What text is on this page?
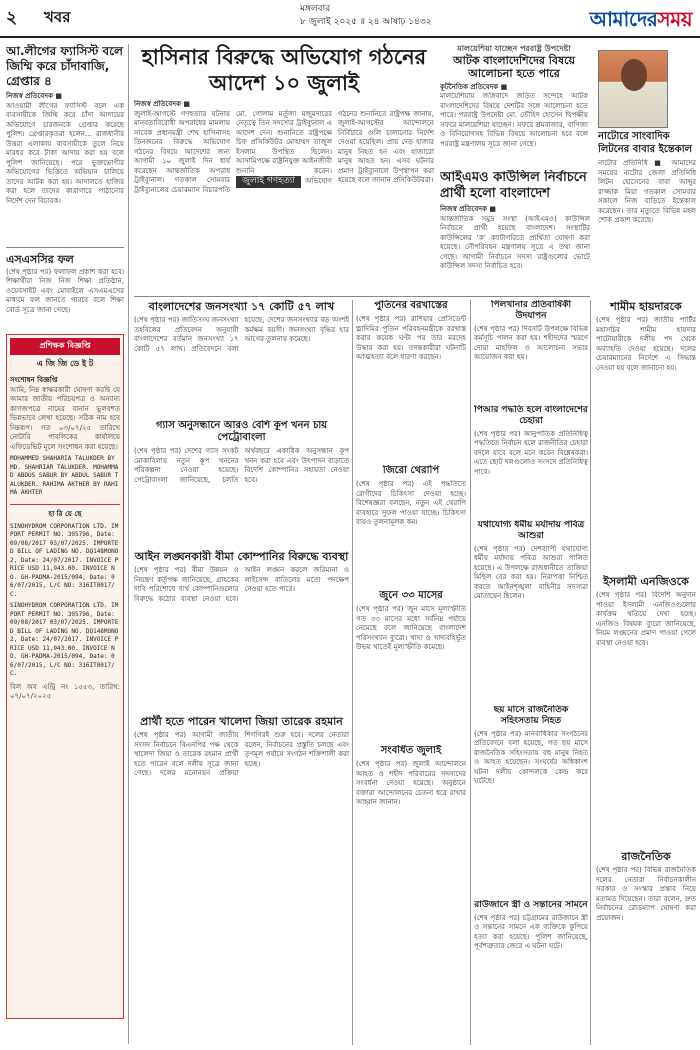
২ খবর	মঙ্গলবার
৮ জুলাই ২০২৫ ॥ ২৪ আষাঢ় ১৪৩২	আমাদেরসময়
আ.লীগের ফ্যাসিস্ট বলে জিম্মি করে চাঁদাবাজি, গ্রেপ্তার ৪
নিজস্ব প্রতিবেদক ■
আওয়ামী লীগের ফ্যাসিস্ট বলে এক ব্যবসায়ীকে জিম্মি করে চাঁদা আদায়ের অভিযোগে চারজনকে গ্রেপ্তার করেছে পুলিশ। গ্রেপ্তারকৃতরা হলেন... রাজধানীর উত্তরা এলাকায় ব্যবসায়ীকে তুলে নিয়ে মারধর করে টাকা আদায় করা হয় বলে পুলিশ জানিয়েছে। পরে ভুক্তভোগীর অভিযোগের ভিত্তিতে অভিযান চালিয়ে তাদের আটক করা হয়। আদালতে হাজির করা হলে তাদের কারাগারে পাঠানোর নির্দেশ দেন বিচারক।
এসএসসির ফল
(শেষ পৃষ্ঠার পর) ফলাফল প্রকাশ করা হবে। শিক্ষার্থীরা নিজ নিজ শিক্ষা প্রতিষ্ঠান, ওয়েবসাইট এবং মোবাইলে এসএমএসের মাধ্যমে ফল জানতে পারবে বলে শিক্ষা বোর্ড সূত্রে জানা গেছে।
প্রশিক্ষক বিজ্ঞপ্তি
এ জি জি ডে ই ট
সংশোধন বিজ্ঞপ্তি
আমি, নিম্ন স্বাক্ষরকারী ঘোষণা করছি যে আমার জাতীয় পরিচয়পত্র ও অন্যান্য কাগজপত্রে নামের বানান ভুলবশত ভিন্নভাবে লেখা হয়েছে। সঠিক নাম হবে নিম্নরূপ। গত ০৩/০৭/২৫ তারিখে নোটারি পাবলিকের কার্যালয়ে এফিডেভিট মূলে সংশোধন করা হয়েছে।
MOHAMMED SHAHARIA TALUKDER BY MD. SHAHRIAR TALUKDER. MOHAMMAD ABDUS SABUR BY ABDUL SABUR TALUKDER. RAHIMA AKTHER BY RAHIMA AKHTER
হা রি য়ে ছে
SINOHYDROM CORPORATION LTD. IMPORT PERMIT NO. 395796, Date: 09/08/2017 03/07/2025. IMPORTED BILL OF LADING NO. DQ148MONO2, Date: 24/07/2017. INVOICE PRICE USD 11,943.00. INVOICE NO. GH-PADMA-2015/094, Date: 06/07/2015, L/C NO: 316IT0017/C.
SINOHYDROM CORPORATION LTD. IMPORT PERMIT NO. 395796, Date: 09/08/2017 03/07/2025. IMPORTED BILL OF LADING NO. DQ148MONO2, Date: 24/07/2017. INVOICE PRICE USD 11,943.00. INVOICE NO. GH-PADMA-2015/094, Date: 06/07/2015, L/C NO: 316IT0017/C.
বিল অব এন্ট্রি নং ১৫৫৩, তারিখ: ০৭/০৭/২০২৫
হাসিনার বিরুদ্ধে অভিযোগ গঠনের আদেশ ১০ জুলাই
নিজস্ব প্রতিবেদক ■
জুলাই-আগস্টে গণহত্যার ঘটনায় মানবতাবিরোধী অপরাধের মামলায় সাবেক প্রধানমন্ত্রী শেখ হাসিনাসহ তিনজনের বিরুদ্ধে অভিযোগ গঠনের বিষয়ে আদেশের জন্য আগামী ১০ জুলাই দিন ধার্য করেছেন আন্তর্জাতিক অপরাধ ট্রাইব্যুনাল। গতকাল সোমবার ট্রাইব্যুনালের চেয়ারম্যান বিচারপতি মো. গোলাম মর্তূজা মজুমদারের নেতৃত্বে তিন সদস্যের ট্রাইব্যুনাল এ আদেশ দেন। শুনানিতে রাষ্ট্রপক্ষে চিফ প্রসিকিউটর মোহাম্মদ তাজুল ইসলাম উপস্থিত ছিলেন। আসামিপক্ষে রাষ্ট্রনিযুক্ত আইনজীবী শুনানি করেন। জুলাই গণহত্যা অভিযোগ গঠনের শুনানিতে রাষ্ট্রপক্ষ জানায়, জুলাই-আগস্টের আন্দোলনে নির্বিচারে গুলি চালানোর নির্দেশ দেওয়া হয়েছিল। প্রায় দেড় হাজার মানুষ নিহত হন এবং হাজারো মানুষ আহত হন। এসব ঘটনার প্রমাণ ট্রাইব্যুনালে উপস্থাপন করা হয়েছে বলে জানান প্রসিকিউটররা।
মালয়েশিয়া যাচ্ছেন পররাষ্ট্র উপদেষ্টা
আটক বাংলাদেশিদের বিষয়ে আলোচনা হতে পারে
কূটনৈতিক প্রতিবেদক ■
মালয়েশিয়ায় জঙ্গিবাদে জড়িত সন্দেহে আটক বাংলাদেশিদের বিষয়ে দেশটির সঙ্গে আলোচনা হতে পারে। পররাষ্ট্র উপদেষ্টা মো. তৌহিদ হোসেন দ্বিপক্ষীয় সফরে মালয়েশিয়া যাচ্ছেন। সফরে শ্রমবাজার, বাণিজ্য ও বিনিয়োগসহ বিভিন্ন বিষয়ে আলোচনা হবে বলে পররাষ্ট্র মন্ত্রণালয় সূত্রে জানা গেছে।
আইএমও কাউন্সিল নির্বাচনে প্রার্থী হলো বাংলাদেশ
নিজস্ব প্রতিবেদক ■
আন্তর্জাতিক সমুদ্র সংস্থা (আইএমও) কাউন্সিল নির্বাচনে প্রার্থী হয়েছে বাংলাদেশ। সংস্থাটির কাউন্সিলের ‘ক’ ক্যাটাগরিতে প্রার্থিতা ঘোষণা করা হয়েছে। নৌপরিবহন মন্ত্রণালয় সূত্রে এ তথ্য জানা গেছে। আগামী নির্বাচনে সদস্য রাষ্ট্রগুলোর ভোটে কাউন্সিল সদস্য নির্বাচিত হবে।
নাটোরে সাংবাদিক লিটনের বাবার ইন্তেকাল
নাটোর প্রতিনিধি ■ আমাদের সময়ের নাটোর জেলা প্রতিনিধি লিটন হোসেনের বাবা আব্দুর রাজ্জাক মিয়া গতকাল সোমবার সকালে নিজ বাড়িতে ইন্তেকাল করেছেন। তার মৃত্যুতে বিভিন্ন মহল শোক প্রকাশ করেছে।
বাংলাদেশের জনসংখ্যা ১৭ কোটি ৫৭ লাখ
(শেষ পৃষ্ঠার পর) জাতিসংঘ জনসংখ্যা তহবিলের প্রতিবেদন অনুযায়ী বাংলাদেশের বর্তমান জনসংখ্যা ১৭ কোটি ৫৭ লাখ। প্রতিবেদনে বলা হয়েছে, দেশের জনসংখ্যার বড় অংশই কর্মক্ষম বয়সী। জনসংখ্যা বৃদ্ধির হার আগের তুলনায় কমেছে।
গ্যাস অনুসন্ধানে আরও বেশি কূপ খনন চায় পেট্রোবাংলা
(শেষ পৃষ্ঠার পর) দেশের গ্যাস সংকট মোকাবিলায় নতুন কূপ খননের পরিকল্পনা নেওয়া হয়েছে। পেট্রোবাংলা জানিয়েছে, চলতি অর্থবছরে একাধিক অনুসন্ধান কূপ খনন করা হবে এবং উৎপাদন বাড়াতে বিদেশি কোম্পানির সহায়তা নেওয়া হবে।
আইন লঙ্ঘনকারী বীমা কোম্পানির বিরুদ্ধে ব্যবস্থা
(শেষ পৃষ্ঠার পর) বীমা উন্নয়ন ও নিয়ন্ত্রণ কর্তৃপক্ষ জানিয়েছে, গ্রাহকের দাবি পরিশোধে ব্যর্থ কোম্পানিগুলোর বিরুদ্ধে কঠোর ব্যবস্থা নেওয়া হবে। আইন লঙ্ঘন করলে জরিমানা ও লাইসেন্স বাতিলের মতো পদক্ষেপ নেওয়া হতে পারে।
প্রার্থী হতে পারেন খালেদা জিয়া তারেক রহমান
(শেষ পৃষ্ঠার পর) আগামী জাতীয় সংসদ নির্বাচনে বিএনপির পক্ষ থেকে খালেদা জিয়া ও তারেক রহমান প্রার্থী হতে পারেন বলে দলীয় সূত্রে জানা গেছে। দলের মনোনয়ন প্রক্রিয়া শিগগিরই শুরু হবে। দলের নেতারা বলেন, নির্বাচনের প্রস্তুতি চলছে এবং তৃণমূল পর্যায়ে সংগঠন শক্তিশালী করা হচ্ছে।
পুতিনের বরখাস্তের
(শেষ পৃষ্ঠার পর) রাশিয়ার প্রেসিডেন্ট ভ্লাদিমির পুতিন পরিবহনমন্ত্রীকে বরখাস্ত করার কয়েক ঘণ্টা পর তার মরদেহ উদ্ধার করা হয়। তদন্তকারীরা ঘটনাটি আত্মহত্যা বলে ধারণা করছেন।
জিরো থেরাপি
(শেষ পৃষ্ঠার পর) এই পদ্ধতিতে রোগীদের চিকিৎসা দেওয়া হচ্ছে। বিশেষজ্ঞরা বলছেন, নতুন এই থেরাপি ব্যবহারে সুফল পাওয়া যাচ্ছে। চিকিৎসা ব্যয়ও তুলনামূলক কম।
জুনে ৩৩ মাসের
(শেষ পৃষ্ঠার পর) জুন মাসে মূল্যস্ফীতি গত ৩৩ মাসের মধ্যে সর্বনিম্ন পর্যায়ে নেমেছে বলে জানিয়েছে বাংলাদেশ পরিসংখ্যান ব্যুরো। খাদ্য ও খাদ্যবহির্ভূত উভয় খাতেই মূল্যস্ফীতি কমেছে।
সংবর্ধিত জুলাই
(শেষ পৃষ্ঠার পর) জুলাই আন্দোলনে আহত ও শহীদ পরিবারের সদস্যদের সংবর্ধনা দেওয়া হয়েছে। অনুষ্ঠানে বক্তারা আন্দোলনের চেতনা ধরে রাখার আহ্বান জানান।
পিলখানার প্রতিবার্ষিকী উদযাপন
(শেষ পৃষ্ঠার পর) দিবসটি উপলক্ষে বিভিন্ন কর্মসূচি পালন করা হয়। শহীদদের স্মরণে দোয়া মাহফিল ও আলোচনা সভার আয়োজন করা হয়।
পিআর পদ্ধতি হলে বাংলাদেশের চেহারা
(শেষ পৃষ্ঠার পর) আনুপাতিক প্রতিনিধিত্ব পদ্ধতিতে নির্বাচন হলে রাজনীতির চেহারা বদলে যাবে বলে মনে করেন বিশ্লেষকরা। এতে ছোট দলগুলোও সংসদে প্রতিনিধিত্ব পাবে।
যথাযোগ্য ধর্মীয় মর্যাদায় পবিত্র আশুরা
(শেষ পৃষ্ঠার পর) দেশব্যাপী যথাযোগ্য ধর্মীয় মর্যাদায় পবিত্র আশুরা পালিত হয়েছে। এ উপলক্ষে রাজধানীতে তাজিয়া মিছিল বের করা হয়। নিরাপত্তা নিশ্চিত করতে আইনশৃঙ্খলা বাহিনীর সদস্যরা মোতায়েন ছিলেন।
ছয় মাসে রাজনৈতিক সহিংসতায় নিহত
(শেষ পৃষ্ঠার পর) মানবাধিকার সংগঠনের প্রতিবেদনে বলা হয়েছে, গত ছয় মাসে রাজনৈতিক সহিংসতায় বহু মানুষ নিহত ও আহত হয়েছেন। সংঘর্ষের অধিকাংশ ঘটনা দলীয় কোন্দলকে কেন্দ্র করে ঘটেছে।
রাউজানে স্ত্রী ও সন্তানের সামনে
(শেষ পৃষ্ঠার পর) চট্টগ্রামের রাউজানে স্ত্রী ও সন্তানের সামনে এক ব্যক্তিকে কুপিয়ে হত্যা করা হয়েছে। পুলিশ জানিয়েছে, পূর্বশত্রুতার জেরে এ ঘটনা ঘটে।
শামীম হায়দারকে
(শেষ পৃষ্ঠার পর) জাতীয় পার্টির মহাসচিব শামীম হায়দার পাটোয়ারীকে দলীয় পদ থেকে অব্যাহতি দেওয়া হয়েছে। দলের চেয়ারম্যানের নির্দেশে এ সিদ্ধান্ত নেওয়া হয় বলে জানানো হয়।
ইসলামী এনজিওকে
(শেষ পৃষ্ঠার পর) বিদেশি অনুদান পাওয়া ইসলামী এনজিওগুলোর কার্যক্রম খতিয়ে দেখা হচ্ছে। এনজিও বিষয়ক ব্যুরো জানিয়েছে, নিয়ম লঙ্ঘনের প্রমাণ পাওয়া গেলে ব্যবস্থা নেওয়া হবে।
রাজনৈতিক
(শেষ পৃষ্ঠার পর) বিভিন্ন রাজনৈতিক দলের নেতারা নির্বাচনকালীন সরকার ও সংস্কার প্রস্তাব নিয়ে মতামত দিয়েছেন। তারা বলেন, দ্রুত নির্বাচনের রোডম্যাপ ঘোষণা করা প্রয়োজন।
